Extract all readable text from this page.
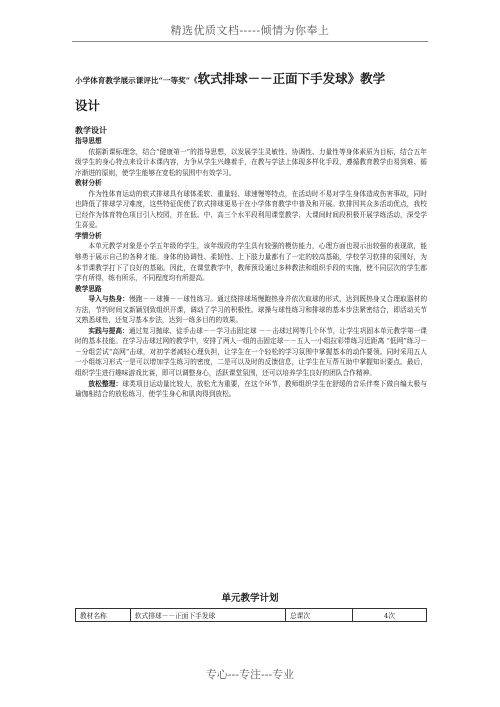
精选优质文档-----倾情为你奉上
小学体育教学展示课评比“一等奖”《软式排球－－正面下手发球》教学
设计

教学设计

指导思想

依据新课标理念，结合“健康第一”的指导思想，以发展学生灵敏性、协调性、力量性等身体素质为目标，结合五年级学生的身心特点来设计本课内容，力争从学生兴趣着手，在教与学法上体现多样化手段，遵循教育教学由易到难、循序渐进的原则，使学生能够在宽松的氛围中有效学习。

教材分析

作为性体育运动的软式排球具有球体柔软、重量轻、球速慢等特点，在活动时不易对学生身体造成伤害事故，同时也降低了排球学习难度，这些特征促使了软式排球更易于在小学体育教学中普及和开展。软排因其众多活动优点，我校已经作为体育特色项目引入校园，并在低、中、高三个水平段利用课堂教学、大课间时间段积极开展学练活动，深受学生喜爱。

学情分析

本单元教学对象是小学五年级的学生，该年级段的学生具有较强的模仿能力，心理方面也现示出较强的表现欲，能够勇于展示自己的各种才能。身体的协调性、柔韧性、上下肢力量都有了一定的较高基础，学校学习软排的氛围好，为本节课教学打下了良好的基础。因此，在课堂教学中，教师预设通过多种教法和组织手段的实施，使不同层次的学生都学有所得，练有所乐，不同程度均有所提高。

教学思路

导入与热身：慢跑－－球操－－球性练习。通过绕排球场慢跑热身并依次取球的形式，达到既热身又合理取器材的方法，节约时间又新颖别致组织开课，调动了学习的积极性。球操与球性练习和排球的基本步法紧密结合，即活动关节又熟悉球性，还复习基本步法，达到一练多目的的效果。

实践与提高：通过复习抛球、徒手击球－－学习击固定球 －－击球过网等几个环节，让学生巩固本单元教学第一课时的基本技能。在学习击球过网的教学中，安排了两人一组的击固定球－－五人一小组拉彩带练习近距离 “低网”练习－－分组尝试“高网”击球，对初学者减轻心理负担，让学生在一个轻松的学习氛围中掌握基本的动作要领。同时采用五人一小组练习形式一是可以增加学生练习的密度，二是可以及时的反馈信息，让学生在互帮互助中掌握知识要点。最后，组织学生进行趣味游戏比赛，即可以调整身心，活跃课堂氛围，还可以培养学生良好的团队合作精神。

放松整理：球类项目运动量比较大，放松尤为重要，在这个环节，教师组织学生在舒缓的音乐伴奏下做自编太极与瑜伽相结合的放松练习，使学生身心和肌肉得到放松。

单元教学计划
教材名称	软式排球－－正面下手发球	总课次	4次
专心---专注---专业
